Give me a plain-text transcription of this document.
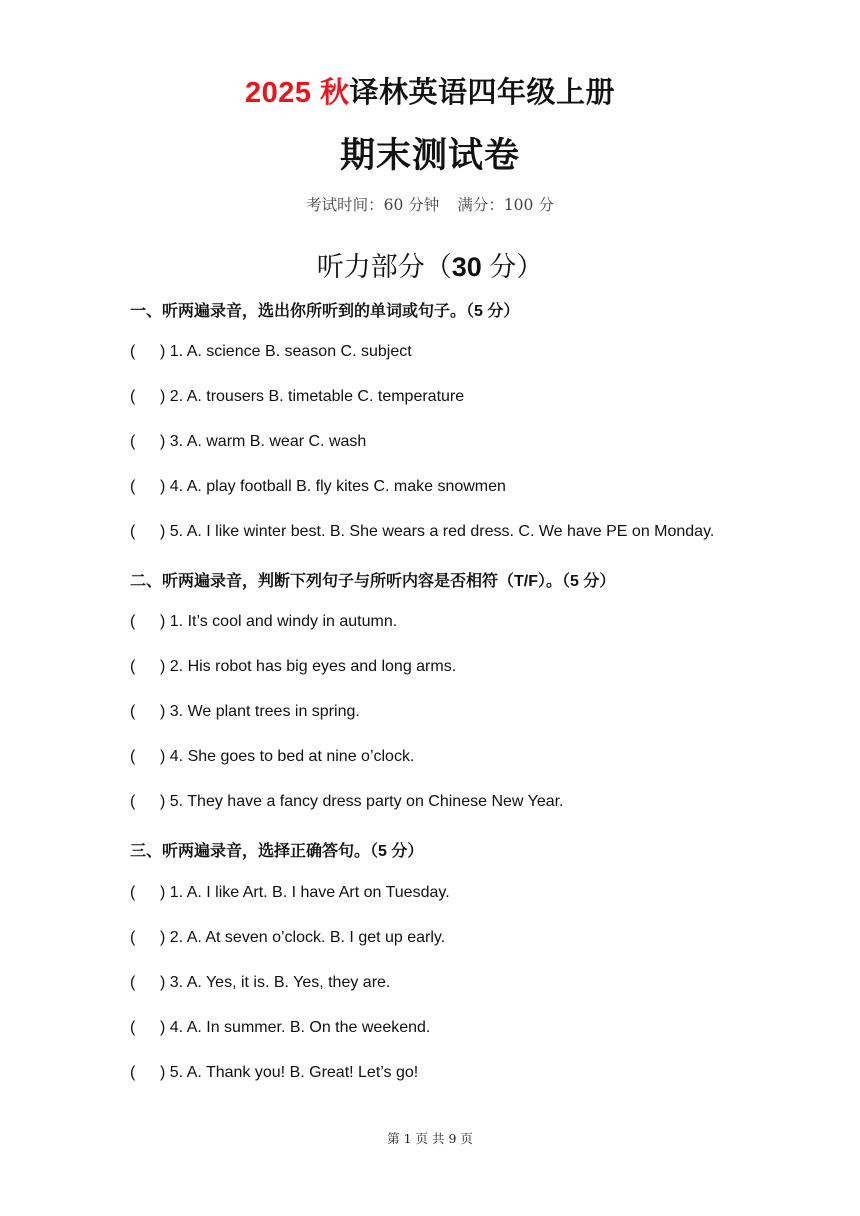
2025 秋译林英语四年级上册
期末测试卷
考试时间：60 分钟 满分：100 分
听力部分（30 分）
一、听两遍录音，选出你所听到的单词或句子。（5 分）
( ) 1. A. science B. season C. subject
( ) 2. A. trousers B. timetable C. temperature
( ) 3. A. warm B. wear C. wash
( ) 4. A. play football B. fly kites C. make snowmen
( ) 5. A. I like winter best. B. She wears a red dress. C. We have PE on Monday.
二、听两遍录音，判断下列句子与所听内容是否相符（T/F）。（5 分）
( ) 1. It’s cool and windy in autumn.
( ) 2. His robot has big eyes and long arms.
( ) 3. We plant trees in spring.
( ) 4. She goes to bed at nine o’clock.
( ) 5. They have a fancy dress party on Chinese New Year.
三、听两遍录音，选择正确答句。（5 分）
( ) 1. A. I like Art. B. I have Art on Tuesday.
( ) 2. A. At seven o’clock. B. I get up early.
( ) 3. A. Yes, it is. B. Yes, they are.
( ) 4. A. In summer. B. On the weekend.
( ) 5. A. Thank you! B. Great! Let’s go!
第 1 页 共 9 页
